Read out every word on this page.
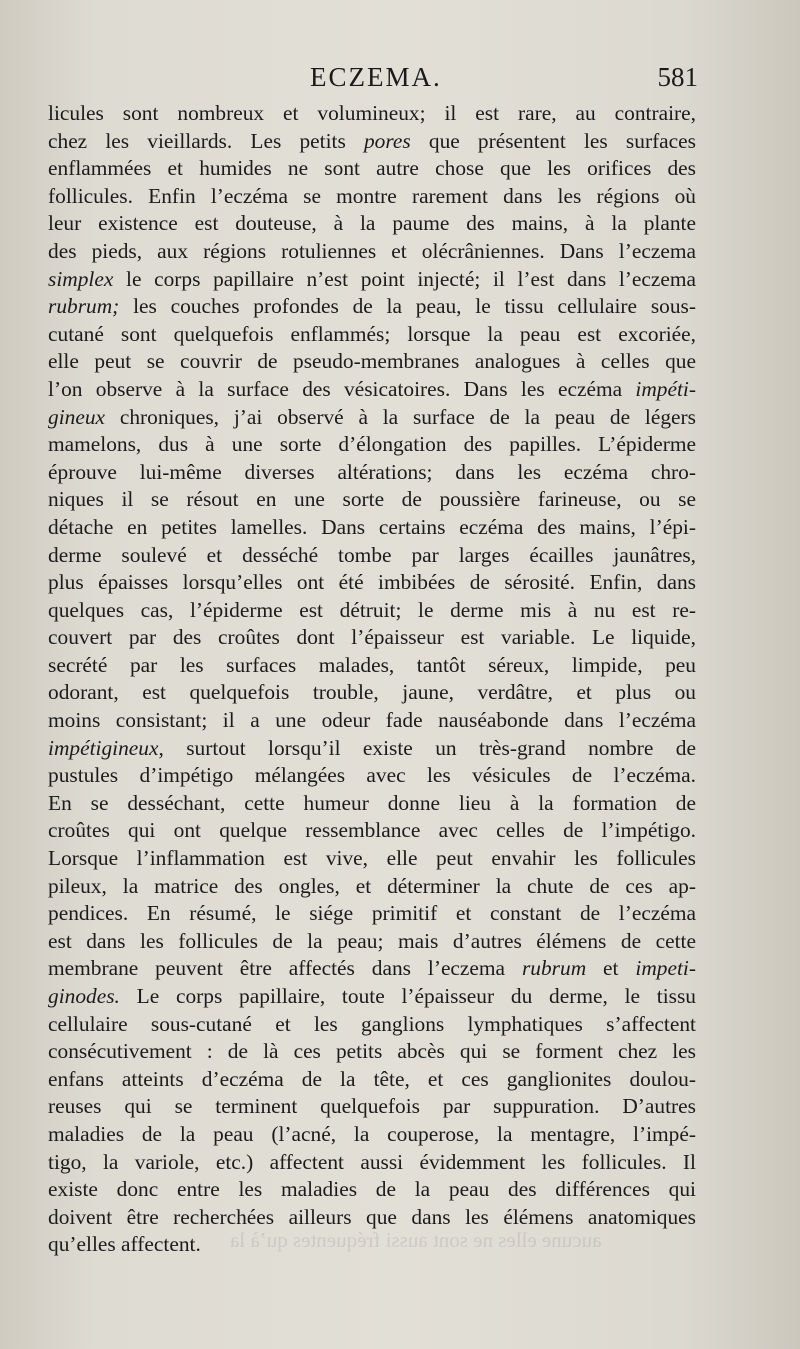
ECZEMA.	581
licules sont nombreux et volumineux; il est rare, au contraire,
chez les vieillards. Les petits pores que présentent les surfaces
enflammées et humides ne sont autre chose que les orifices des
follicules. Enfin l’eczéma se montre rarement dans les régions où
leur existence est douteuse, à la paume des mains, à la plante
des pieds, aux régions rotuliennes et olécrâniennes. Dans l’eczema
simplex le corps papillaire n’est point injecté; il l’est dans l’eczema
rubrum; les couches profondes de la peau, le tissu cellulaire sous-
cutané sont quelquefois enflammés; lorsque la peau est excoriée,
elle peut se couvrir de pseudo-membranes analogues à celles que
l’on observe à la surface des vésicatoires. Dans les eczéma impéti-
gineux chroniques, j’ai observé à la surface de la peau de légers
mamelons, dus à une sorte d’élongation des papilles. L’épiderme
éprouve lui-même diverses altérations; dans les eczéma chro-
niques il se résout en une sorte de poussière farineuse, ou se
détache en petites lamelles. Dans certains eczéma des mains, l’épi-
derme soulevé et desséché tombe par larges écailles jaunâtres,
plus épaisses lorsqu’elles ont été imbibées de sérosité. Enfin, dans
quelques cas, l’épiderme est détruit; le derme mis à nu est re-
couvert par des croûtes dont l’épaisseur est variable. Le liquide,
secrété par les surfaces malades, tantôt séreux, limpide, peu
odorant, est quelquefois trouble, jaune, verdâtre, et plus ou
moins consistant; il a une odeur fade nauséabonde dans l’eczéma
impétigineux, surtout lorsqu’il existe un très-grand nombre de
pustules d’impétigo mélangées avec les vésicules de l’eczéma.
En se desséchant, cette humeur donne lieu à la formation de
croûtes qui ont quelque ressemblance avec celles de l’impétigo.
Lorsque l’inflammation est vive, elle peut envahir les follicules
pileux, la matrice des ongles, et déterminer la chute de ces ap-
pendices. En résumé, le siége primitif et constant de l’eczéma
est dans les follicules de la peau; mais d’autres élémens de cette
membrane peuvent être affectés dans l’eczema rubrum et impeti-
ginodes. Le corps papillaire, toute l’épaisseur du derme, le tissu
cellulaire sous-cutané et les ganglions lymphatiques s’affectent
consécutivement : de là ces petits abcès qui se forment chez les
enfans atteints d’eczéma de la tête, et ces ganglionites doulou-
reuses qui se terminent quelquefois par suppuration. D’autres
maladies de la peau (l’acné, la couperose, la mentagre, l’impé-
tigo, la variole, etc.) affectent aussi évidemment les follicules. Il
existe donc entre les maladies de la peau des différences qui
doivent être recherchées ailleurs que dans les élémens anatomiques
qu’elles affectent.	aucune elles ne sont aussi fréquentes qu’à la
